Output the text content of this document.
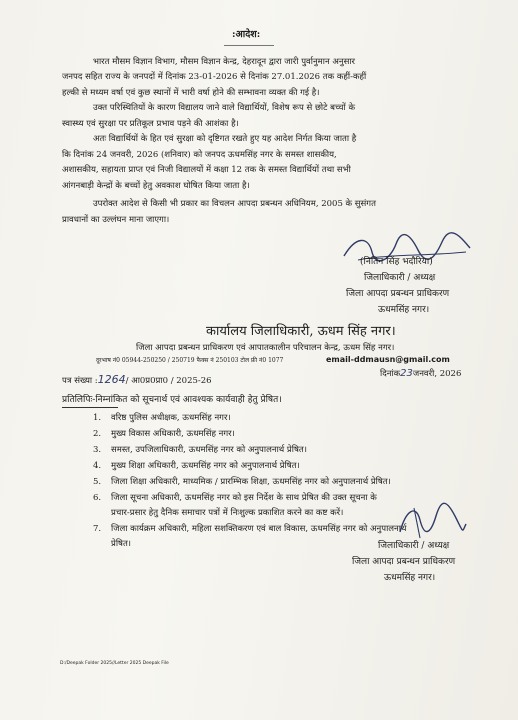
:आदेश:
भारत मौसम विज्ञान विभाग, मौसम विज्ञान केन्द्र, देहरादून द्वारा जारी पुर्वानुमान अनुसार
जनपद सहित राज्य के जनपदों में दिनांक 23-01-2026 से दिनांक 27.01.2026 तक कहीं-कहीं
हल्की से मध्यम वर्षा एवं कुछ स्थानों में भारी वर्षा होने की सम्भावना व्यक्त की गई है।
उक्त परिस्थितियों के कारण विद्यालय जाने वाले विद्यार्थियों, विशेष रूप से छोटे बच्चों के
स्वास्थ्य एवं सुरक्षा पर प्रतिकूल प्रभाव पड़ने की आशंका है।
अतः विद्यार्थियों के हित एवं सुरक्षा को दृष्टिगत रखते हुए यह आदेश निर्गत किया जाता है
कि दिनांक 24 जनवरी, 2026 (शनिवार) को जनपद ऊधमसिंह नगर के समस्त शासकीय,
अशासकीय, सहायता प्राप्त एवं निजी विद्यालयों में कक्षा 12 तक के समस्त विद्यार्थियों तथा सभी
आंगनबाड़ी केन्द्रों के बच्चों हेतु अवकाश घोषित किया जाता है।
उपरोक्त आदेश से किसी भी प्रकार का विचलन आपदा प्रबन्धन अधिनियम, 2005 के सुसंगत
प्रावधानों का उल्लंघन माना जाएगा।
(नितिन सिंह भदौरिया)
जिलाधिकारी / अध्यक्ष
जिला आपदा प्रबन्धन प्राधिकरण
ऊधमसिंह नगर।
कार्यालय जिलाधिकारी, ऊधम सिंह नगर।
जिला आपदा प्रबन्धन प्राधिकरण एवं आपातकालीन परिचालन केन्द्र, ऊधम सिंह नगर।
दूरभाष नं0 05944-250250 / 250719 फैक्स नं 250103 टोल फ्री नं0 1077	email-ddmausn@gmail.com
दिनांक23जनवरी, 2026
पत्र संख्या :1264/ आ0प्र0प्रा0 / 2025-26
प्रतिलिपिः-निम्नांकित को सूचनार्थ एवं आवश्यक कार्यवाही हेतु प्रेषित।
1. वरिष्ठ पुलिस अधीक्षक, ऊधमसिंह नगर।
2. मुख्य विकास अधिकारी, ऊधमसिंह नगर।
3. समस्त, उपजिलाधिकारी, ऊधमसिंह नगर को अनुपालनार्थ प्रेषित।
4. मुख्य शिक्षा अधिकारी, ऊधमसिंह नगर को अनुपालनार्थ प्रेषित।
5. जिला शिक्षा अधिकारी, माध्यमिक / प्रारम्भिक शिक्षा, ऊधमसिंह नगर को अनुपालनार्थ प्रेषित।
6. जिला सूचना अधिकारी, ऊधमसिंह नगर को इस निर्देश के साथ प्रेषित की उक्त सूचना के
प्रचार-प्रसार हेतु दैनिक समाचार पत्रों में निःशुल्क प्रकाशित करने का कष्ट करें।
7. जिला कार्यक्रम अधिकारी, महिला सशक्तिकरण एवं बाल विकास, ऊधमसिंह नगर को अनुपालनार्थ
प्रेषित।	जिलाधिकारी / अध्यक्ष
जिला आपदा प्रबन्धन प्राधिकरण
ऊधमसिंह नगर।
D:/Deepak Folder 2025//Letter 2025 Deepak File
